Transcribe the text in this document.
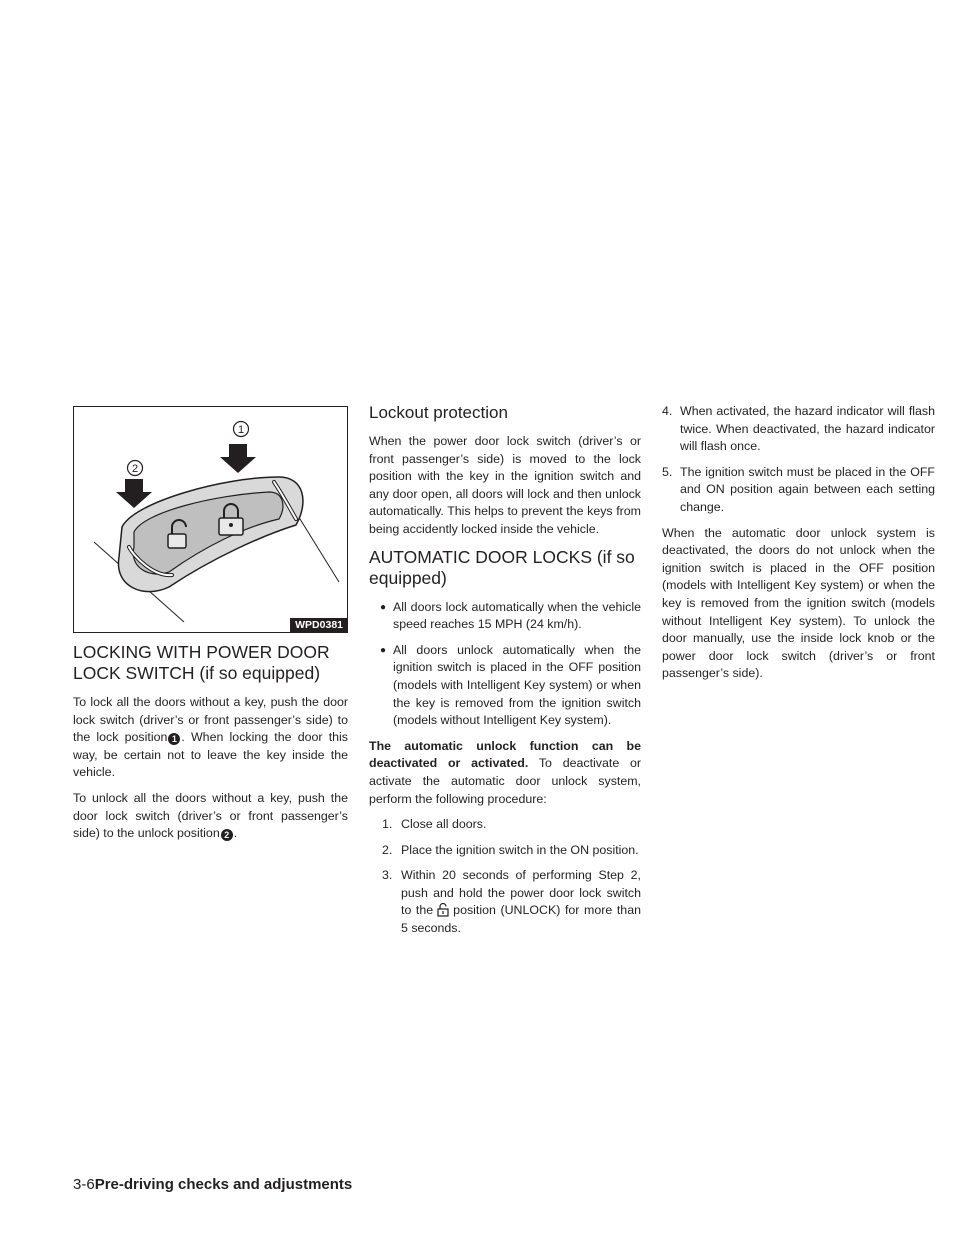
1
2
WPD0381
LOCKING WITH POWER DOOR LOCK SWITCH (if so equipped)

To lock all the doors without a key, push the door lock switch (driver’s or front passenger’s side) to the lock position 1 . When locking the door this way, be certain not to leave the key inside the vehicle.

To unlock all the doors without a key, push the door lock switch (driver’s or front passenger’s side) to the unlock position 2 .

Lockout protection

When the power door lock switch (driver’s or front passenger’s side) is moved to the lock position with the key in the ignition switch and any door open, all doors will lock and then unlock automatically. This helps to prevent the keys from being accidently locked inside the vehicle.

AUTOMATIC DOOR LOCKS (if so equipped)
● All doors lock automatically when the vehicle speed reaches 15 MPH (24 km/h).
● All doors unlock automatically when the ignition switch is placed in the OFF position (models with Intelligent Key system) or when the key is removed from the ignition switch (models without Intelligent Key system).

The automatic unlock function can be deactivated or activated. To deactivate or activate the automatic door unlock system, perform the following procedure:

1. Close all doors.
2. Place the ignition switch in the ON position.
3. Within 20 seconds of performing Step 2, push and hold the power door lock switch to the position (UNLOCK) for more than 5 seconds.
4. When activated, the hazard indicator will flash twice. When deactivated, the hazard indicator will flash once.
5. The ignition switch must be placed in the OFF and ON position again between each setting change.

When the automatic door unlock system is deactivated, the doors do not unlock when the ignition switch is placed in the OFF position (models with Intelligent Key system) or when the key is removed from the ignition switch (models without Intelligent Key system). To unlock the door manually, use the inside lock knob or the power door lock switch (driver’s or front passenger’s side).

3-6Pre-driving checks and adjustments
